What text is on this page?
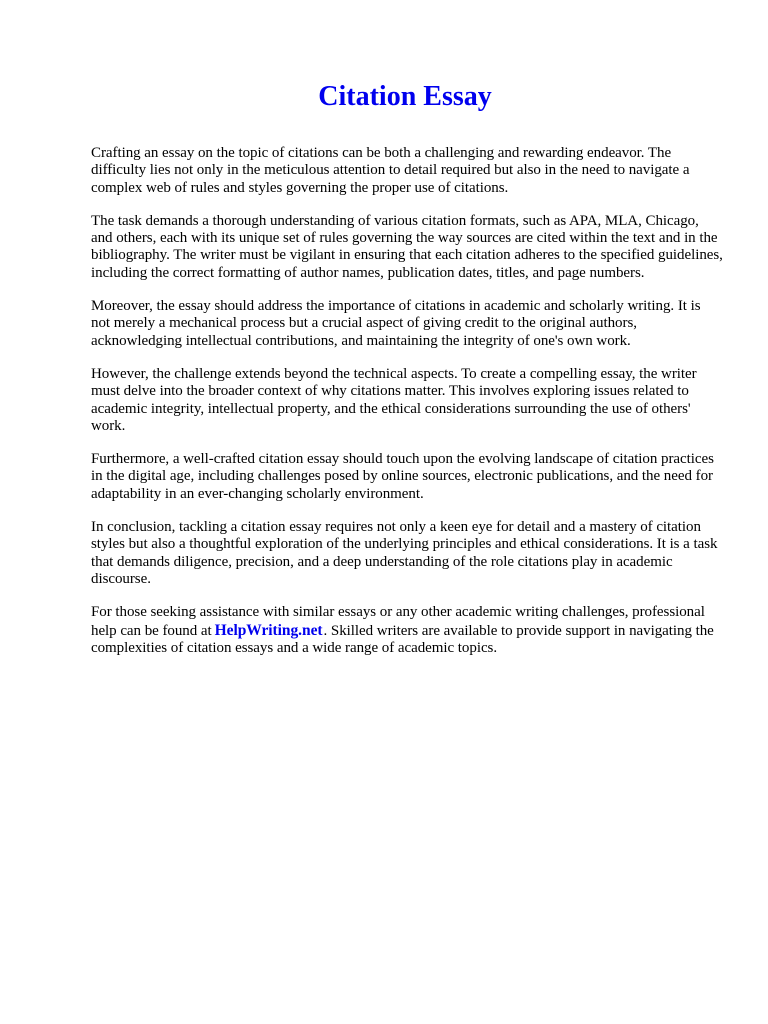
Citation Essay

Crafting an essay on the topic of citations can be both a challenging and rewarding endeavor. The difficulty lies not only in the meticulous attention to detail required but also in the need to navigate a complex web of rules and styles governing the proper use of citations.

The task demands a thorough understanding of various citation formats, such as APA, MLA, Chicago, and others, each with its unique set of rules governing the way sources are cited within the text and in the bibliography. The writer must be vigilant in ensuring that each citation adheres to the specified guidelines, including the correct formatting of author names, publication dates, titles, and page numbers.

Moreover, the essay should address the importance of citations in academic and scholarly writing. It is not merely a mechanical process but a crucial aspect of giving credit to the original authors, acknowledging intellectual contributions, and maintaining the integrity of one's own work.

However, the challenge extends beyond the technical aspects. To create a compelling essay, the writer must delve into the broader context of why citations matter. This involves exploring issues related to academic integrity, intellectual property, and the ethical considerations surrounding the use of others' work.

Furthermore, a well-crafted citation essay should touch upon the evolving landscape of citation practices in the digital age, including challenges posed by online sources, electronic publications, and the need for adaptability in an ever-changing scholarly environment.

In conclusion, tackling a citation essay requires not only a keen eye for detail and a mastery of citation styles but also a thoughtful exploration of the underlying principles and ethical considerations. It is a task that demands diligence, precision, and a deep understanding of the role citations play in academic discourse.

For those seeking assistance with similar essays or any other academic writing challenges, professional help can be found at HelpWriting.net. Skilled writers are available to provide support in navigating the complexities of citation essays and a wide range of academic topics.
